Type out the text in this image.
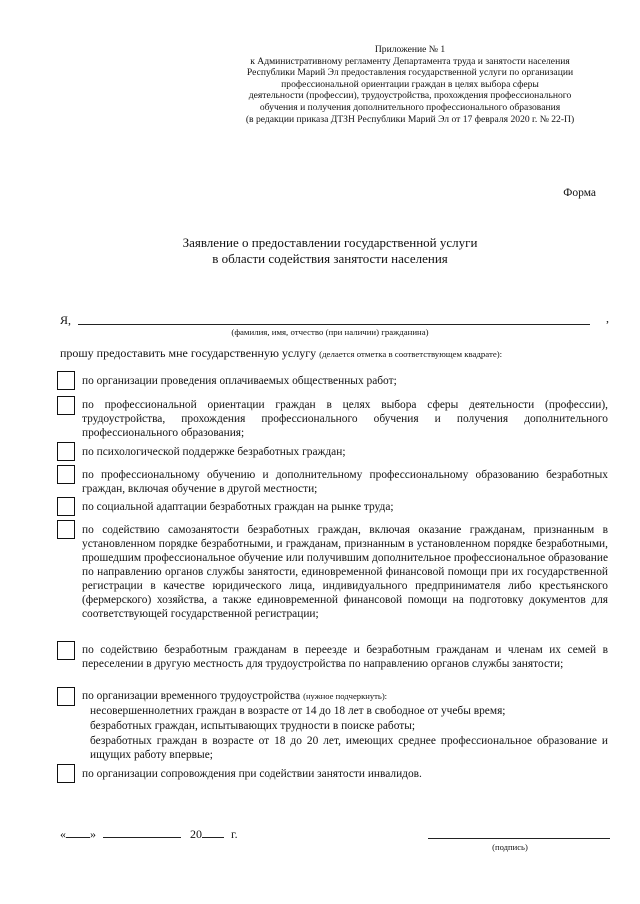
Приложение № 1
к Административному регламенту Департамента труда и занятости населения
Республики Марий Эл предоставления государственной услуги по организации
профессиональной ориентации граждан в целях выбора сферы
деятельности (профессии), трудоустройства, прохождения профессионального
обучения и получения дополнительного профессионального образования
(в редакции приказа ДТЗН Республики Марий Эл от 17 февраля 2020 г. № 22-П)
Форма
Заявление о предоставлении государственной услуги
в области содействия занятости населения
Я,	,
(фамилия, имя, отчество (при наличии) гражданина)
прошу предоставить мне государственную услугу (делается отметка в соответствующем квадрате):
по организации проведения оплачиваемых общественных работ;
по профессиональной ориентации граждан в целях выбора сферы деятельности (профессии), трудоустройства, прохождения профессионального обучения и получения дополнительного профессионального образования;
по психологической поддержке безработных граждан;
по профессиональному обучению и дополнительному профессиональному образованию безработных граждан, включая обучение в другой местности;
по социальной адаптации безработных граждан на рынке труда;
по содействию самозанятости безработных граждан, включая оказание гражданам, признанным в установленном порядке безработными, и гражданам, признанным в установленном порядке безработными, прошедшим профессиональное обучение или получившим дополнительное профессиональное образование по направлению органов службы занятости, единовременной финансовой помощи при их государственной регистрации в качестве юридического лица, индивидуального предпринимателя либо крестьянского (фермерского) хозяйства, а также единовременной финансовой помощи на подготовку документов для соответствующей государственной регистрации;
по содействию безработным гражданам в переезде и безработным гражданам и членам их семей в переселении в другую местность для трудоустройства по направлению органов службы занятости;
по организации временного трудоустройства (нужное подчеркнуть):
несовершеннолетних граждан в возрасте от 14 до 18 лет в свободное от учебы время;
безработных граждан, испытывающих трудности в поиске работы;
безработных граждан в возрасте от 18 до 20 лет, имеющих среднее профессиональное образование и ищущих работу впервые;
по организации сопровождения при содействии занятости инвалидов.
« »	20 г.
(подпись)
